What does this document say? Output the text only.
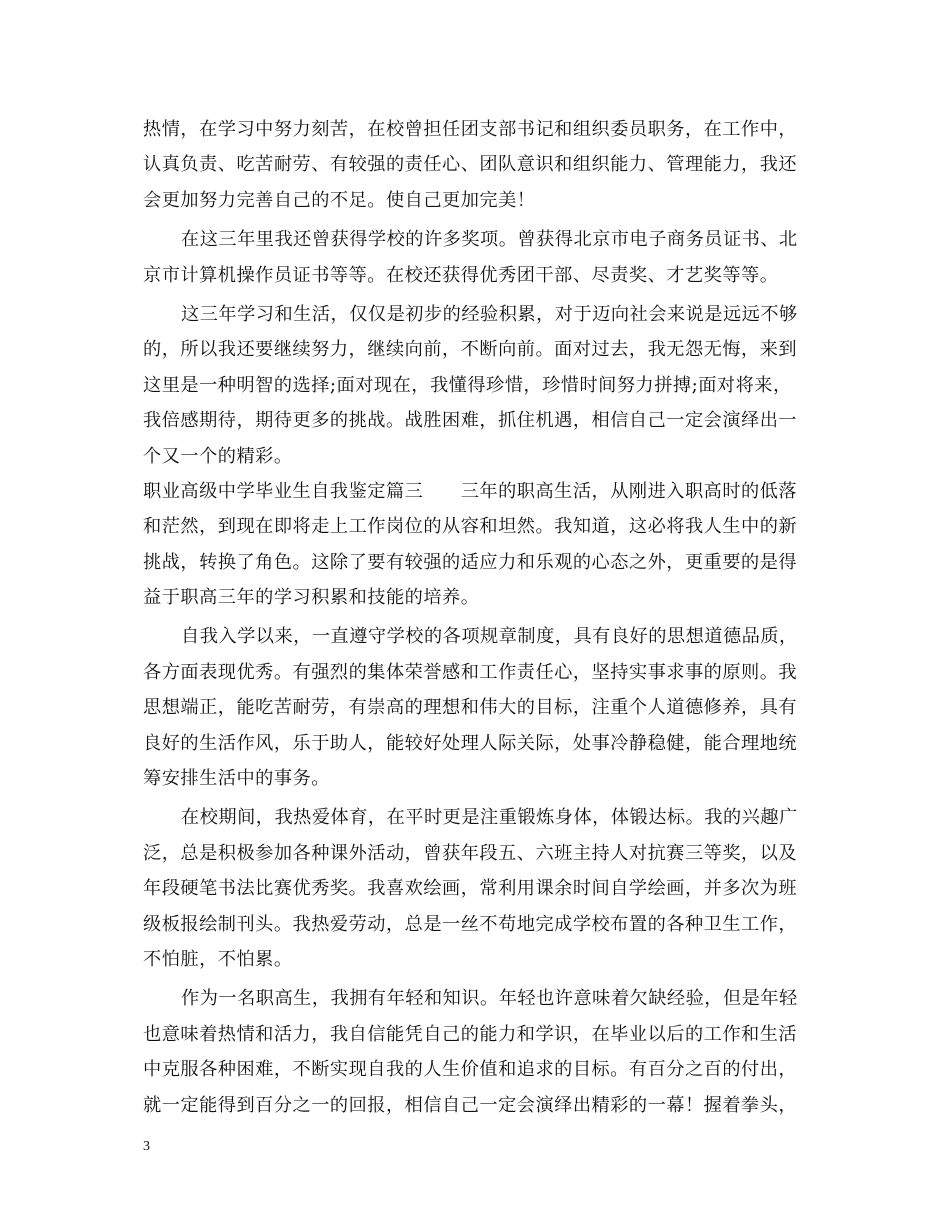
热情，在学习中努力刻苦，在校曾担任团支部书记和组织委员职务，在工作中，
认真负责、吃苦耐劳、有较强的责任心、团队意识和组织能力、管理能力，我还
会更加努力完善自己的不足。使自己更加完美！
在这三年里我还曾获得学校的许多奖项。曾获得北京市电子商务员证书、北
京市计算机操作员证书等等。在校还获得优秀团干部、尽责奖、才艺奖等等。
这三年学习和生活，仅仅是初步的经验积累，对于迈向社会来说是远远不够
的，所以我还要继续努力，继续向前，不断向前。面对过去，我无怨无悔，来到
这里是一种明智的选择;面对现在，我懂得珍惜，珍惜时间努力拼搏;面对将来，
我倍感期待，期待更多的挑战。战胜困难，抓住机遇，相信自己一定会演绎出一
个又一个的精彩。
职业高级中学毕业生自我鉴定篇三　　三年的职高生活，从刚进入职高时的低落
和茫然，到现在即将走上工作岗位的从容和坦然。我知道，这必将我人生中的新
挑战，转换了角色。这除了要有较强的适应力和乐观的心态之外，更重要的是得
益于职高三年的学习积累和技能的培养。
自我入学以来，一直遵守学校的各项规章制度，具有良好的思想道德品质，
各方面表现优秀。有强烈的集体荣誉感和工作责任心，坚持实事求事的原则。我
思想端正，能吃苦耐劳，有崇高的理想和伟大的目标，注重个人道德修养，具有
良好的生活作风，乐于助人，能较好处理人际关际，处事冷静稳健，能合理地统
筹安排生活中的事务。
在校期间，我热爱体育，在平时更是注重锻炼身体，体锻达标。我的兴趣广
泛，总是积极参加各种课外活动，曾获年段五、六班主持人对抗赛三等奖，以及
年段硬笔书法比赛优秀奖。我喜欢绘画，常利用课余时间自学绘画，并多次为班
级板报绘制刊头。我热爱劳动，总是一丝不苟地完成学校布置的各种卫生工作，
不怕脏，不怕累。
作为一名职高生，我拥有年轻和知识。年轻也许意味着欠缺经验，但是年轻
也意味着热情和活力，我自信能凭自己的能力和学识，在毕业以后的工作和生活
中克服各种困难，不断实现自我的人生价值和追求的目标。有百分之百的付出，
就一定能得到百分之一的回报，相信自己一定会演绎出精彩的一幕！握着拳头，
3
